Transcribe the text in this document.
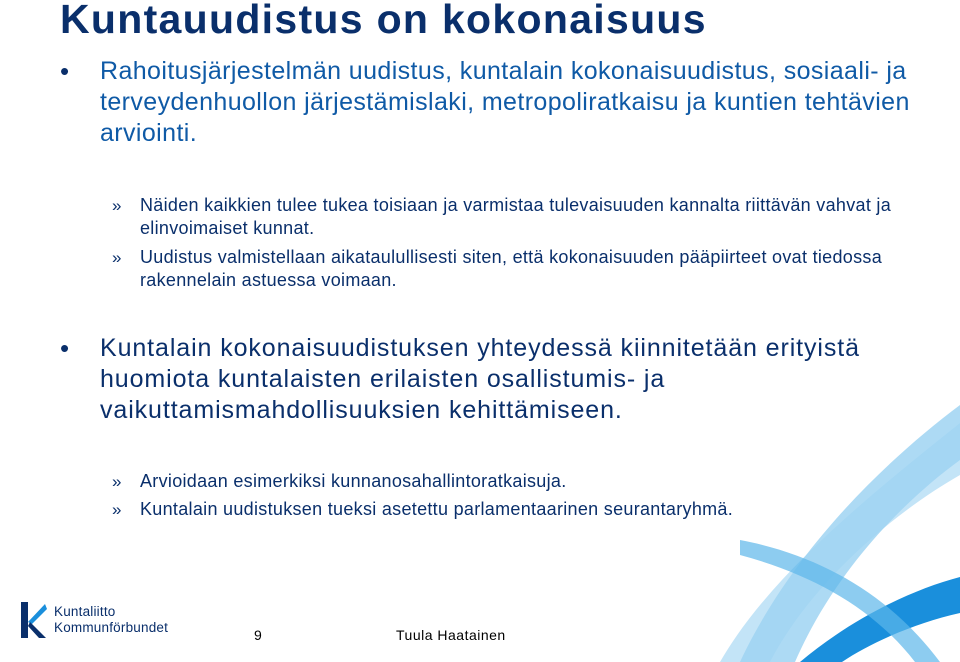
Kuntauudistus on kokonaisuus
•	Rahoitusjärjestelmän uudistus, kuntalain kokonaisuudistus, sosiaali- ja terveydenhuollon järjestämislaki, metropoliratkaisu ja kuntien tehtävien arviointi.
»	Näiden kaikkien tulee tukea toisiaan ja varmistaa tulevaisuuden kannalta riittävän vahvat ja elinvoimaiset kunnat.
»	Uudistus valmistellaan aikataulullisesti siten, että kokonaisuuden pääpiirteet ovat tiedossa rakennelain astuessa voimaan.
•	Kuntalain kokonaisuudistuksen yhteydessä kiinnitetään erityistä huomiota kuntalaisten erilaisten osallistumis- ja vaikuttamismahdollisuuksien kehittämiseen.
»	Arvioidaan esimerkiksi kunnanosahallintoratkaisuja.
»	Kuntalain uudistuksen tueksi asetettu parlamentaarinen seurantaryhmä.
Kuntaliitto
Kommunförbundet	9	Tuula Haatainen
